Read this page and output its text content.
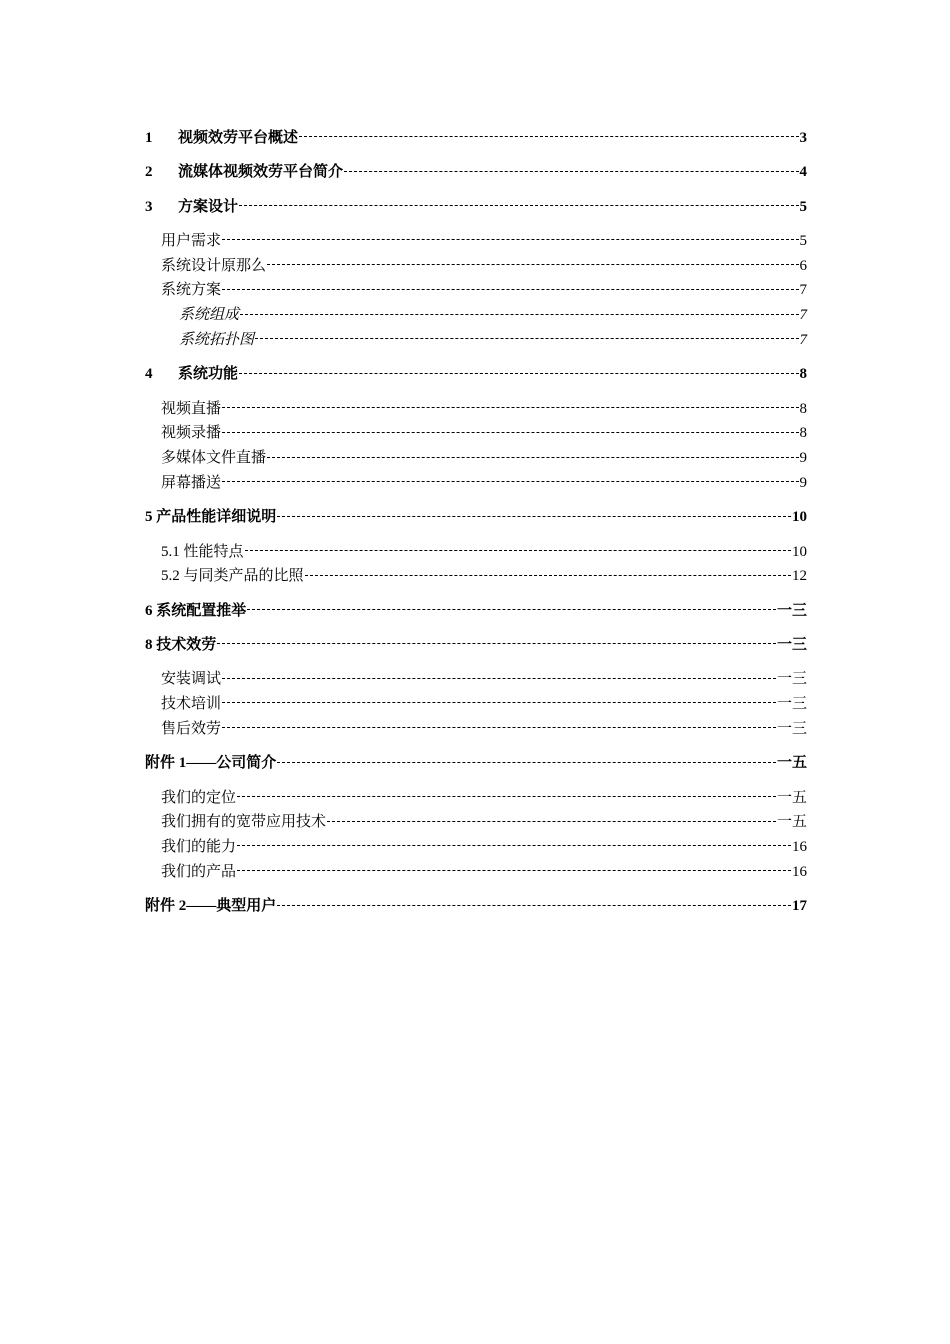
1	视频效劳平台概述	3
2	流媒体视频效劳平台简介	4
3	方案设计	5
用户需求	5
系统设计原那么	6
系统方案	7
系统组成	7
系统拓扑图	7
4	系统功能	8
视频直播	8
视频录播	8
多媒体文件直播	9
屏幕播送	9
5 产品性能详细说明	10
5.1 性能特点	10
5.2 与同类产品的比照	12
6 系统配置推举	一三
8 技术效劳	一三
安装调试	一三
技术培训	一三
售后效劳	一三
附件 1——公司简介	一五
我们的定位	一五
我们拥有的宽带应用技术	一五
我们的能力	16
我们的产品	16
附件 2——典型用户	17
